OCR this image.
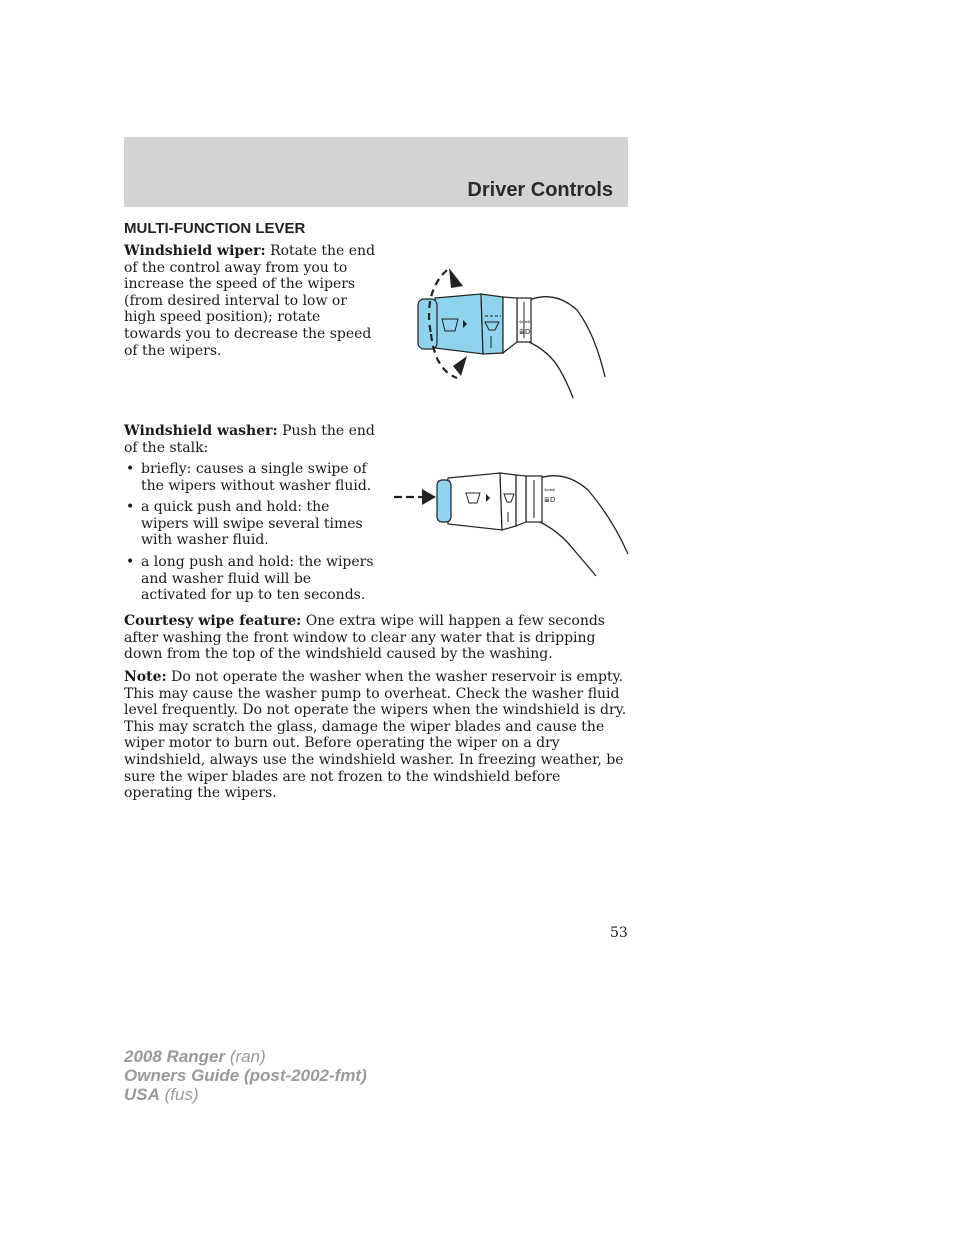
Driver Controls
MULTI-FUNCTION LEVER

Windshield wiper: Rotate the end of the control away from you to increase the speed of the wipers (from desired interval to low or high speed position); rotate towards you to decrease the speed of the wipers.

⇦⇨
≣D

Windshield washer: Push the end of the stalk:

• briefly: causes a single swipe of the wipers without washer fluid.
• a quick push and hold: the wipers will swipe several times with washer fluid.
• a long push and hold: the wipers and washer fluid will be activated for up to ten seconds.
⇦⇨
≣D

Courtesy wipe feature: One extra wipe will happen a few seconds after washing the front window to clear any water that is dripping down from the top of the windshield caused by the washing.

Note: Do not operate the washer when the washer reservoir is empty. This may cause the washer pump to overheat. Check the washer fluid level frequently. Do not operate the wipers when the windshield is dry. This may scratch the glass, damage the wiper blades and cause the wiper motor to burn out. Before operating the wiper on a dry windshield, always use the windshield washer. In freezing weather, be sure the wiper blades are not frozen to the windshield before operating the wipers.

53
2008 Ranger (ran)
Owners Guide (post-2002-fmt)
USA (fus)
